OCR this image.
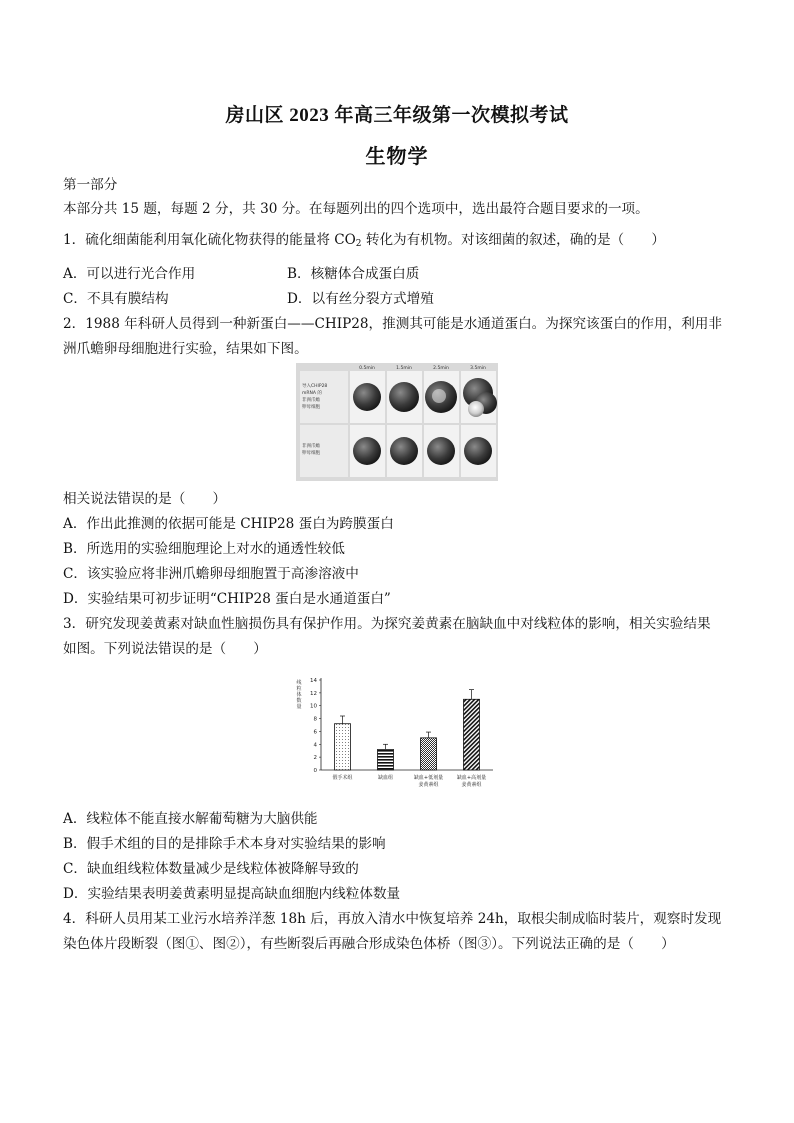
房山区 2023 年高三年级第一次模拟考试
生物学
第一部分
本部分共 15 题，每题 2 分，共 30 分。在每题列出的四个选项中，选出最符合题目要求的一项。
1．硫化细菌能利用氧化硫化物获得的能量将 $CO_2$ 转化为有机物。对该细菌的叙述，确的是（　　）
A．可以进行光合作用	B．核糖体合成蛋白质
C．不具有膜结构	D．以有丝分裂方式增殖
2．1988 年科研人员得到一种新蛋白——CHIP28，推测其可能是水通道蛋白。为探究该蛋白的作用，利用非
洲爪蟾卵母细胞进行实验，结果如下图。
0.5min	1.5min	2.5min	3.5min
导入CHIP28
mRNA 的
非洲爪蟾
卵母细胞
非洲爪蟾
卵母细胞
相关说法错误的是（　　）
A．作出此推测的依据可能是 CHIP28 蛋白为跨膜蛋白
B．所选用的实验细胞理论上对水的通透性较低
C．该实验应将非洲爪蟾卵母细胞置于高渗溶液中
D．实验结果可初步证明“CHIP28 蛋白是水通道蛋白”
3．研究发现姜黄素对缺血性脑损伤具有保护作用。为探究姜黄素在脑缺血中对线粒体的影响，相关实验结果
如图。下列说法错误的是（　　）
线
粒
体
数
量
0
2
4
6
8
10
12
14
假手术组	缺血组	缺血+低剂量
姜黄素组
缺血+高剂量
姜黄素组
A．线粒体不能直接水解葡萄糖为大脑供能
B．假手术组的目的是排除手术本身对实验结果的影响
C．缺血组线粒体数量减少是线粒体被降解导致的
D．实验结果表明姜黄素明显提高缺血细胞内线粒体数量
4．科研人员用某工业污水培养洋葱 18h 后，再放入清水中恢复培养 24h，取根尖制成临时装片，观察时发现
染色体片段断裂（图①、图②），有些断裂后再融合形成染色体桥（图③）。下列说法正确的是（　　）
